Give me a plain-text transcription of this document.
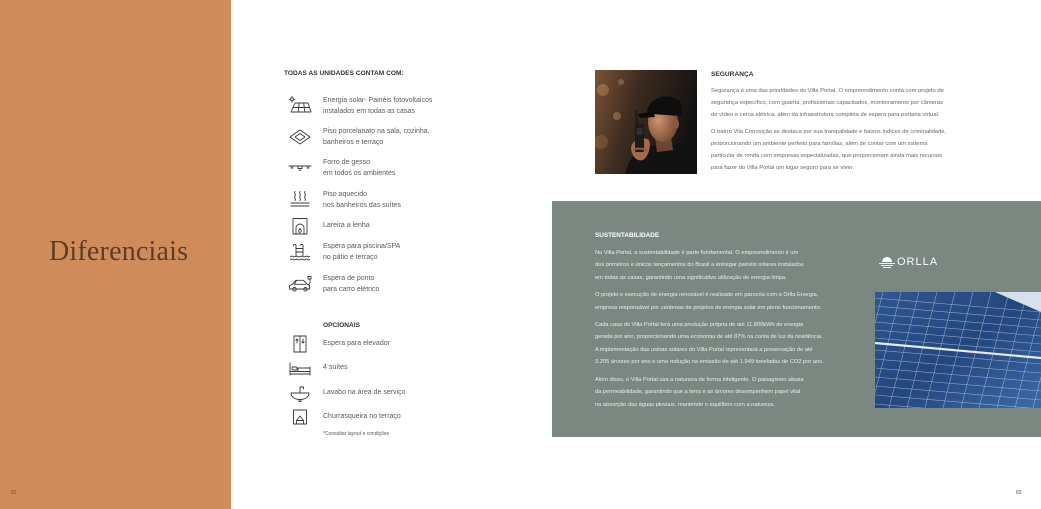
Diferenciais
82
TODAS AS UNIDADES CONTAM COM:
Energia solar- Painéis fotovoltaicos
instalados em todas as casas
Piso porcelanato na sala, cozinha,
banheiros e terraço
Forro de gesso
em todos os ambientes
Piso aquecido
nos banheiros das suítes
Lareira a lenha
Espera para piscina/SPA
no pátio e terraço
Espera de ponto
para carro elétrico
OPCIONAIS
Espera para elevador
4 suítes
Lavabo na área de serviço
Churrasqueira no terraço
*Consultar layout e condições
SEGURANÇA
Segurança é uma das prioridades do Villa Portal. O empreendimento conta com projeto de
segurança específico, com guarita, profissionais capacitados, monitoramento por câmeras
de vídeo e cerca elétrica, além da infraestrutura completa de espera para portaria virtual.
O bairro Vila Conceição se destaca por sua tranquilidade e baixos índices de criminalidade,
proporcionando um ambiente perfeito para famílias, além de contar com um sistema
particular de ronda com empresas especializadas, que proporcionam ainda mais recursos
para fazer do Villa Portal um lugar seguro para se viver.
SUSTENTABILIDADE
No Villa Portal, a sustentabilidade é parte fundamental. O empreendimento é um
dos primeiros e únicos lançamentos do Brasil a entregar painéis solares instalados
em todas as casas, garantindo uma significativa utilização de energia limpa.
O projeto e execução de energia renovável é realizado em parceria com a Orlla Energia,
empresa responsável por centenas de projetos de energia solar em pleno funcionamento.
Cada casa do Villa Portal terá uma produção própria de até 11.800kWh de energia
gerada por ano, proporcionando uma economia de até 87% na conta de luz da residência.
A implementação das usinas solares do Villa Portal representará a preservação de até
3.205 árvores por ano e uma redução na emissão de até 1.949 toneladas de CO2 por ano.
Além disso, o Villa Portal usa a natureza de forma inteligente. O paisagismo abusa
da permeabilidade, garantindo que a terra e as árvores desempenhem papel vital
na absorção das águas pluviais, mantendo o equilíbrio com a natureza.
ORLLA
83
